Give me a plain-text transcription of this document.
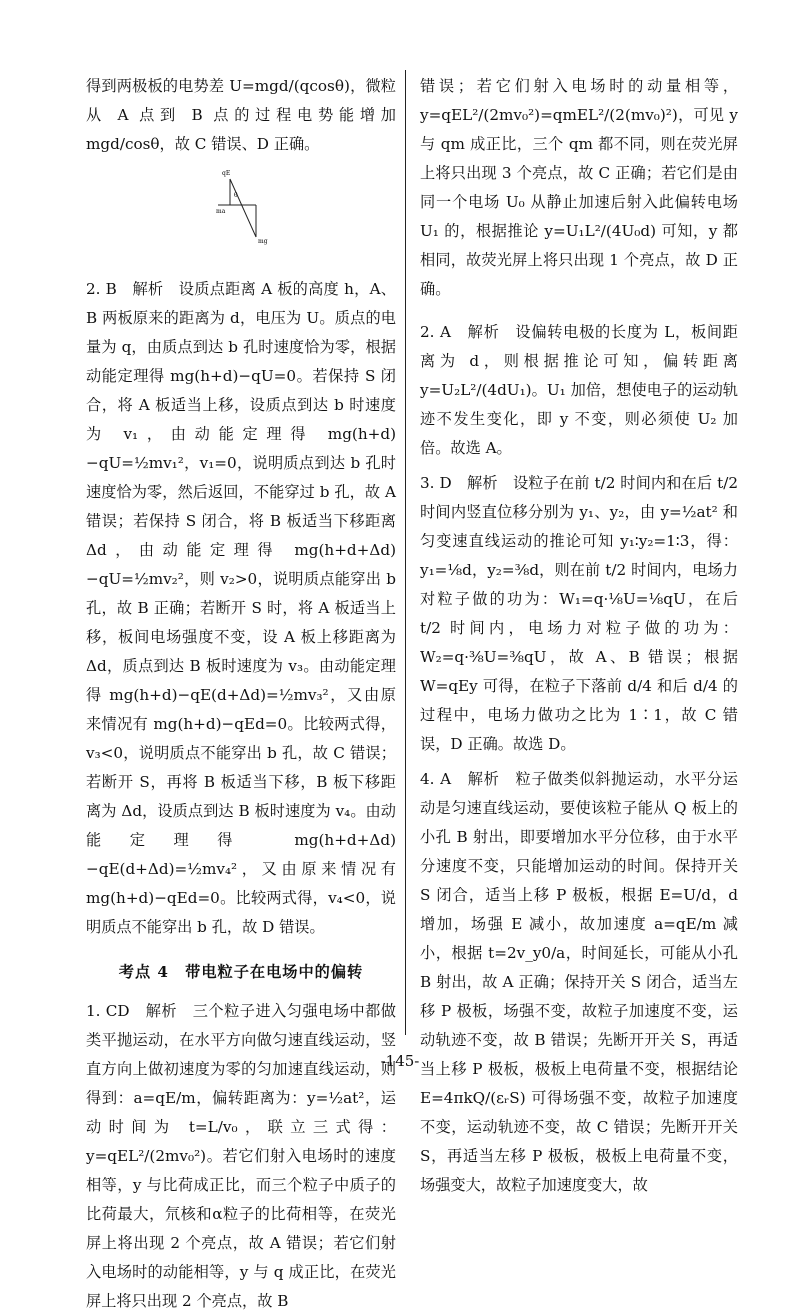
得到两极板的电势差 U=mgd/(qcosθ)，微粒从 A 点到 B 点的过程电势能增加 mgd/cosθ，故 C 错误、D 正确。

qE
θ
ma
mg

2. B　解析　设质点距离 A 板的高度 h，A、B 两板原来的距离为 d，电压为 U。质点的电量为 q，由质点到达 b 孔时速度恰为零，根据动能定理得 mg(h+d)−qU=0。若保持 S 闭合，将 A 板适当上移，设质点到达 b 时速度为 v₁，由动能定理得 mg(h+d)−qU=½mv₁²，v₁=0，说明质点到达 b 孔时速度恰为零，然后返回，不能穿过 b 孔，故 A 错误；若保持 S 闭合，将 B 板适当下移距离 Δd，由动能定理得 mg(h+d+Δd)−qU=½mv₂²，则 v₂>0，说明质点能穿出 b 孔，故 B 正确；若断开 S 时，将 A 板适当上移，板间电场强度不变，设 A 板上移距离为 Δd，质点到达 B 板时速度为 v₃。由动能定理得 mg(h+d)−qE(d+Δd)=½mv₃²，又由原来情况有 mg(h+d)−qEd=0。比较两式得，v₃<0，说明质点不能穿出 b 孔，故 C 错误；若断开 S，再将 B 板适当下移，B 板下移距离为 Δd，设质点到达 B 板时速度为 v₄。由动能定理得 mg(h+d+Δd)−qE(d+Δd)=½mv₄²，又由原来情况有 mg(h+d)−qEd=0。比较两式得，v₄<0，说明质点不能穿出 b 孔，故 D 错误。

考点 4　带电粒子在电场中的偏转

1. CD　解析　三个粒子进入匀强电场中都做类平抛运动，在水平方向做匀速直线运动，竖直方向上做初速度为零的匀加速直线运动，则得到：a=qE/m，偏转距离为：y=½at²，运动时间为 t=L/v₀，联立三式得：y=qEL²/(2mv₀²)。若它们射入电场时的速度相等，y 与比荷成正比，而三个粒子中质子的比荷最大，氘核和α粒子的比荷相等，在荧光屏上将出现 2 个亮点，故 A 错误；若它们射入电场时的动能相等，y 与 q 成正比，在荧光屏上将只出现 2 个亮点，故 B

错误；若它们射入电场时的动量相等，y=qEL²/(2mv₀²)=qmEL²/(2(mv₀)²)，可见 y 与 qm 成正比，三个 qm 都不同，则在荧光屏上将只出现 3 个亮点，故 C 正确；若它们是由同一个电场 U₀ 从静止加速后射入此偏转电场 U₁ 的，根据推论 y=U₁L²/(4U₀d) 可知，y 都相同，故荧光屏上将只出现 1 个亮点，故 D 正确。

2. A　解析　设偏转电极的长度为 L，板间距离为 d，则根据推论可知，偏转距离 y=U₂L²/(4dU₁)。U₁ 加倍，想使电子的运动轨迹不发生变化，即 y 不变，则必须使 U₂ 加倍。故选 A。

3. D　解析　设粒子在前 t/2 时间内和在后 t/2 时间内竖直位移分别为 y₁、y₂，由 y=½at² 和匀变速直线运动的推论可知 y₁∶y₂=1∶3，得：y₁=⅛d，y₂=⅜d，则在前 t/2 时间内，电场力对粒子做的功为：W₁=q·⅛U=⅛qU，在后 t/2 时间内，电场力对粒子做的功为：W₂=q·⅜U=⅜qU，故 A、B 错误；根据 W=qEy 可得，在粒子下落前 d/4 和后 d/4 的过程中，电场力做功之比为 1∶1，故 C 错误，D 正确。故选 D。

4. A　解析　粒子做类似斜抛运动，水平分运动是匀速直线运动，要使该粒子能从 Q 板上的小孔 B 射出，即要增加水平分位移，由于水平分速度不变，只能增加运动的时间。保持开关 S 闭合，适当上移 P 极板，根据 E=U/d，d 增加，场强 E 减小，故加速度 a=qE/m 减小，根据 t=2v_y0/a，时间延长，可能从小孔 B 射出，故 A 正确；保持开关 S 闭合，适当左移 P 极板，场强不变，故粒子加速度不变，运动轨迹不变，故 B 错误；先断开开关 S，再适当上移 P 极板，极板上电荷量不变，根据结论 E=4πkQ/(εᵣS) 可得场强不变，故粒子加速度不变，运动轨迹不变，故 C 错误；先断开开关 S，再适当左移 P 极板，极板上电荷量不变，场强变大，故粒子加速度变大，故

-145-
